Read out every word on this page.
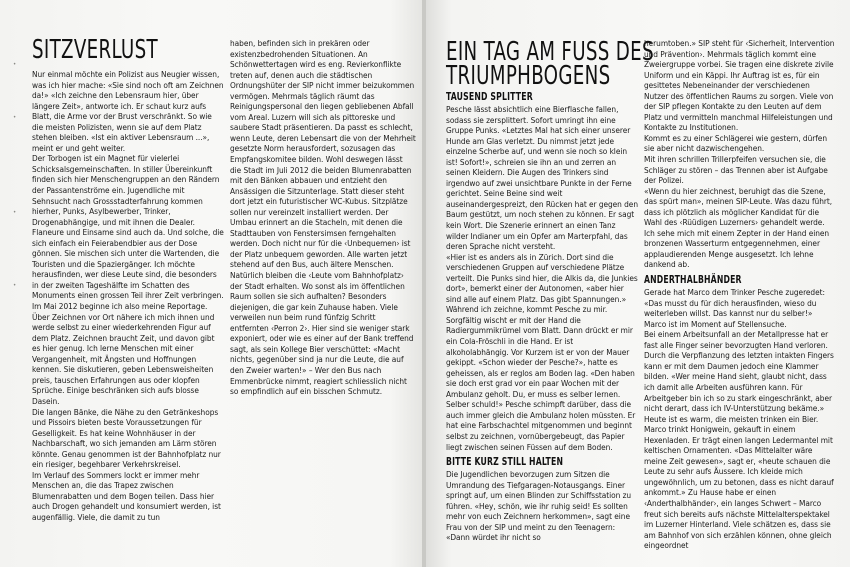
•

•

•

•
SITZVERLUST

Nur einmal möchte ein Polizist aus Neugier wissen, was ich hier mache: «Sie sind noch oft am Zeichnen da!» «Ich zeichne den Lebensraum hier, über längere Zeit», antworte ich. Er schaut kurz aufs Blatt, die Arme vor der Brust verschränkt. So wie die meisten Polizisten, wenn sie auf dem Platz stehen bleiben. «Ist ein aktiver Lebensraum ...», meint er und geht weiter.

Der Torbogen ist ein Magnet für vielerlei Schicksalsgemeinschaften. In stiller Übereinkunft finden sich hier Menschengruppen an den Rändern der Passantenströme ein. Jugendliche mit Sehnsucht nach Grossstadterfahrung kommen hierher, Punks, Asylbewerber, Trinker, Drogenabhängige, und mit ihnen die Dealer. Flaneure und Einsame sind auch da. Und solche, die sich einfach ein Feierabendbier aus der Dose gönnen. Sie mischen sich unter die Wartenden, die Touristen und die Spaziergänger. Ich möchte herausfinden, wer diese Leute sind, die besonders in der zweiten Tageshälfte im Schatten des Monuments einen grossen Teil ihrer Zeit verbringen. Im Mai 2012 beginne ich also meine Reportage. Über Zeichnen vor Ort nähere ich mich ihnen und werde selbst zu einer wiederkehrenden Figur auf dem Platz. Zeichnen braucht Zeit, und davon gibt es hier genug. Ich lerne Menschen mit einer Vergangenheit, mit Ängsten und Hoffnungen kennen. Sie diskutieren, geben Lebensweisheiten preis, tauschen Erfahrungen aus oder klopfen Sprüche. Einige beschränken sich aufs blosse Dasein.

Die langen Bänke, die Nähe zu den Getränkeshops und Pissoirs bieten beste Voraussetzungen für Geselligkeit. Es hat keine Wohnhäuser in der Nachbarschaft, wo sich jemanden am Lärm stören könnte. Genau genommen ist der Bahnhofplatz nur ein riesiger, begehbarer Verkehrskreisel.

Im Verlauf des Sommers lockt er immer mehr Menschen an, die das Trapez zwischen Blumenrabatten und dem Bogen teilen. Dass hier auch Drogen gehandelt und konsumiert werden, ist augenfällig. Viele, die damit zu tun

haben, befinden sich in prekären oder existenzbedrohenden Situationen. An Schönwettertagen wird es eng. Revierkonflikte treten auf, denen auch die städtischen Ordnungshüter der SIP nicht immer beizukommen vermögen. Mehrmals täglich räumt das Reinigungspersonal den liegen gebliebenen Abfall vom Areal. Luzern will sich als pittoreske und saubere Stadt präsentieren. Da passt es schlecht, wenn Leute, deren Lebensart die von der Mehrheit gesetzte Norm herausfordert, sozusagen das Empfangskomitee bilden. Wohl deswegen lässt die Stadt im Juli 2012 die beiden Blumenrabatten mit den Bänken abbauen und entzieht den Ansässigen die Sitzunterlage. Statt dieser steht dort jetzt ein futuristischer WC-Kubus. Sitzplätze sollen nur vereinzelt installiert werden. Der Umbau erinnert an die Stacheln, mit denen die Stadttauben von Fenstersimsen ferngehalten werden. Doch nicht nur für die ‹Unbequemen› ist der Platz unbequem geworden. Alle warten jetzt stehend auf den Bus, auch ältere Menschen.

Natürlich bleiben die ‹Leute vom Bahnhofplatz› der Stadt erhalten. Wo sonst als im öffentlichen Raum sollen sie sich aufhalten? Besonders diejenigen, die gar kein Zuhause haben. Viele verweilen nun beim rund fünfzig Schritt entfernten ‹Perron 2›. Hier sind sie weniger stark exponiert, oder wie es einer auf der Bank treffend sagt, als sein Kollege Bier verschüttet: «Macht nichts, gegenüber sind ja nur die Leute, die auf den Zweier warten!» – Wer den Bus nach Emmenbrücke nimmt, reagiert schliesslich nicht so empfindlich auf ein bisschen Schmutz.

EIN TAG AM FUSS DES
TRIUMPHBOGENS
TAUSEND SPLITTER

Pesche lässt absichtlich eine Bierflasche fallen, sodass sie zersplittert. Sofort umringt ihn eine Gruppe Punks. «Letztes Mal hat sich einer unserer Hunde am Glas verletzt. Du nimmst jetzt jede einzelne Scherbe auf, und wenn sie noch so klein ist! Sofort!», schreien sie ihn an und zerren an seinen Kleidern. Die Augen des Trinkers sind irgendwo auf zwei unsichtbare Punkte in der Ferne gerichtet. Seine Beine sind weit auseinandergespreizt, den Rücken hat er gegen den Baum gestützt, um noch stehen zu können. Er sagt kein Wort. Die Szenerie erinnert an einen Tanz wilder Indianer um ein Opfer am Marterpfahl, das deren Sprache nicht versteht.

«Hier ist es anders als in Zürich. Dort sind die verschiedenen Gruppen auf verschiedene Plätze verteilt. Die Punks sind hier, die Alkis da, die Junkies dort», bemerkt einer der Autonomen, «aber hier sind alle auf einem Platz. Das gibt Spannungen.»

Während ich zeichne, kommt Pesche zu mir. Sorgfältig wischt er mit der Hand die Radiergummikrümel vom Blatt. Dann drückt er mir ein Cola-Fröschli in die Hand. Er ist alkoholabhängig. Vor Kurzem ist er von der Mauer gekippt. «Schon wieder der Pesche?», hatte es geheissen, als er reglos am Boden lag. «Den haben sie doch erst grad vor ein paar Wochen mit der Ambulanz geholt. Du, er muss es selber lernen. Selber schuld!» Pesche schimpft darüber, dass die auch immer gleich die Ambulanz holen müssten. Er hat eine Farbschachtel mitgenommen und beginnt selbst zu zeichnen, vornübergebeugt, das Papier liegt zwischen seinen Füssen auf dem Boden.

BITTE KURZ STILL HALTEN

Die Jugendlichen bevorzugen zum Sitzen die Umrandung des Tiefgaragen-Notausgangs. Einer springt auf, um einen Blinden zur Schiffsstation zu führen. «Hey, schön, wie ihr ruhig seid! Es sollten mehr von euch Zeichnern herkommen», sagt eine Frau von der SIP und meint zu den Teenagern: «Dann würdet ihr nicht so

herumtoben.» SIP steht für ‹Sicherheit, Intervention und Prävention›. Mehrmals täglich kommt eine Zweiergruppe vorbei. Sie tragen eine diskrete zivile Uniform und ein Käppi. Ihr Auftrag ist es, für ein gesittetes Nebeneinander der verschiedenen Nutzer des öffentlichen Raums zu sorgen. Viele von der SIP pflegen Kontakte zu den Leuten auf dem Platz und vermitteln manchmal Hilfeleistungen und Kontakte zu Institutionen.

Kommt es zu einer Schlägerei wie gestern, dürfen sie aber nicht dazwischengehen.

Mit ihren schrillen Trillerpfeifen versuchen sie, die Schläger zu stören – das Trennen aber ist Aufgabe der Polizei.

«Wenn du hier zeichnest, beruhigt das die Szene, das spürt man», meinen SIP-Leute. Was dazu führt, dass ich plötzlich als möglicher Kandidat für die Wahl des ‹Rüüdigen Luzerners› gehandelt werde. Ich sehe mich mit einem Zepter in der Hand einen bronzenen Wasserturm entgegennehmen, einer applaudierenden Menge ausgesetzt. Ich lehne dankend ab.

ANDERTHALBHÄNDER

Gerade hat Marco dem Trinker Pesche zugeredet: «Das musst du für dich herausfinden, wieso du weiterleben willst. Das kannst nur du selber!» Marco ist im Moment auf Stellensuche.

Bei einem Arbeitsunfall an der Metallpresse hat er fast alle Finger seiner bevorzugten Hand verloren. Durch die Verpflanzung des letzten intakten Fingers kann er mit dem Daumen jedoch eine Klammer bilden. «Wer meine Hand sieht, glaubt nicht, dass ich damit alle Arbeiten ausführen kann. Für Arbeitgeber bin ich so zu stark eingeschränkt, aber nicht derart, dass ich IV-Unterstützung bekäme.»

Heute ist es warm, die meisten trinken ein Bier. Marco trinkt Honigwein, gekauft in einem Hexenladen. Er trägt einen langen Ledermantel mit keltischen Ornamenten. «Das Mittelalter wäre meine Zeit gewesen», sagt er, «heute schauen die Leute zu sehr aufs Äussere. Ich kleide mich ungewöhnlich, um zu betonen, dass es nicht darauf ankommt.» Zu Hause habe er einen ‹Anderthalbhänder›, ein langes Schwert – Marco freut sich bereits aufs nächste Mittelalterspektakel im Luzerner Hinterland. Viele schätzen es, dass sie am Bahnhof von sich erzählen können, ohne gleich eingeordnet
